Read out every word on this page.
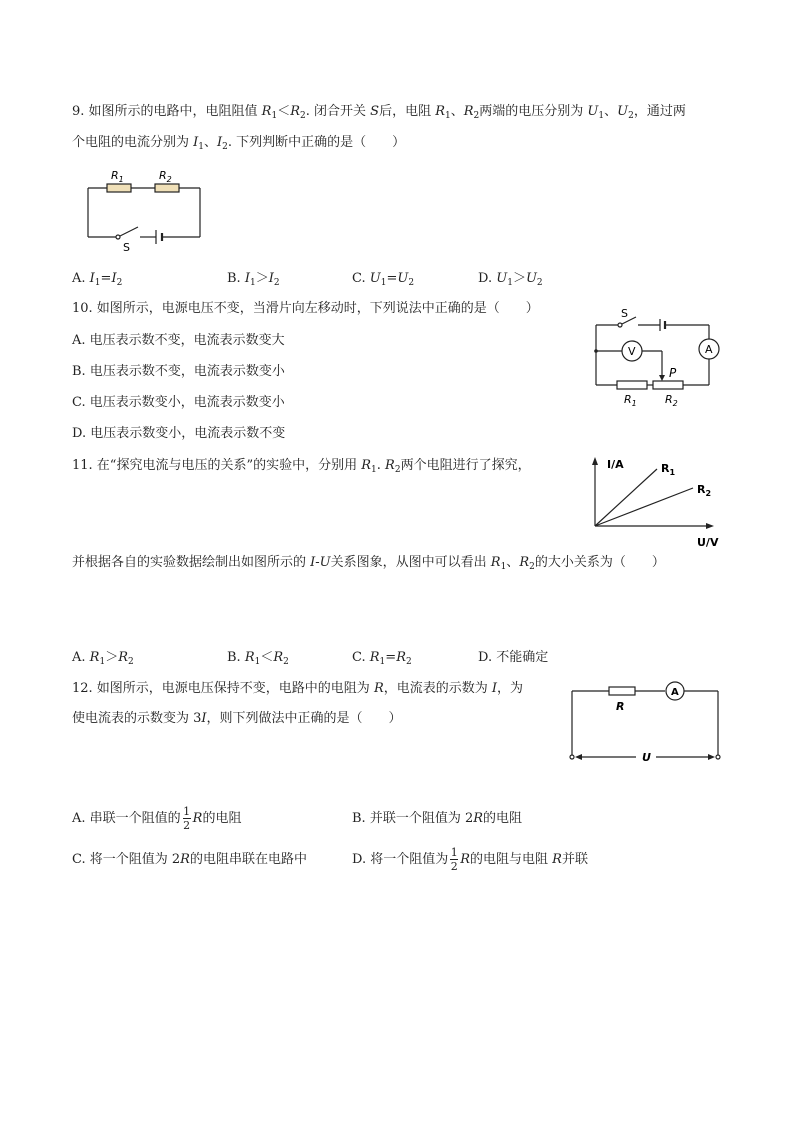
9. 如图所示的电路中，电阻阻值 $R_1<R_2$. 闭合开关 S后，电阻 $R_1$、$R_2$两端的电压分别为 $U_1$、$U_2$，通过两
个电阻的电流分别为 $I_1$、$I_2$. 下列判断中正确的是（　　）
$R_1$	$R_2$
S
A. $I_1=I_2$	B. $I_1>I_2$	C. $U_1=U_2$	D. $U_1>U_2$
10. 如图所示，电源电压不变，当滑片向左移动时，下列说法中正确的是（　　）
A. 电压表示数不变，电流表示数变大
B. 电压表示数不变，电流表示数变小
C. 电压表示数变小，电流表示数变小
D. 电压表示数变小，电流表示数不变
S
V	A
P
$R_1$	$R_2$
11. 在“探究电流与电压的关系”的实验中，分别用 $R_1$. $R_2$两个电阻进行了探究，	I/A
U/V
$R_1$
$R_2$
并根据各自的实验数据绘制出如图所示的 I-U关系图象，从图中可以看出 $R_1$、$R_2$的大小关系为（　　）
A. $R_1>R_2$	B. $R_1<R_2$	C. $R_1=R_2$	D. 不能确定
12. 如图所示，电源电压保持不变，电路中的电阻为 R，电流表的示数为 I，为
使电流表的示数变为 3I，则下列做法中正确的是（　　）
R
A
U
A. 串联一个阻值的 $\frac{1}{2}$ R的电阻	B. 并联一个阻值为 2R的电阻
C. 将一个阻值为 2R的电阻串联在电路中	D. 将一个阻值为 $\frac{1}{2}$ R的电阻与电阻 R并联
